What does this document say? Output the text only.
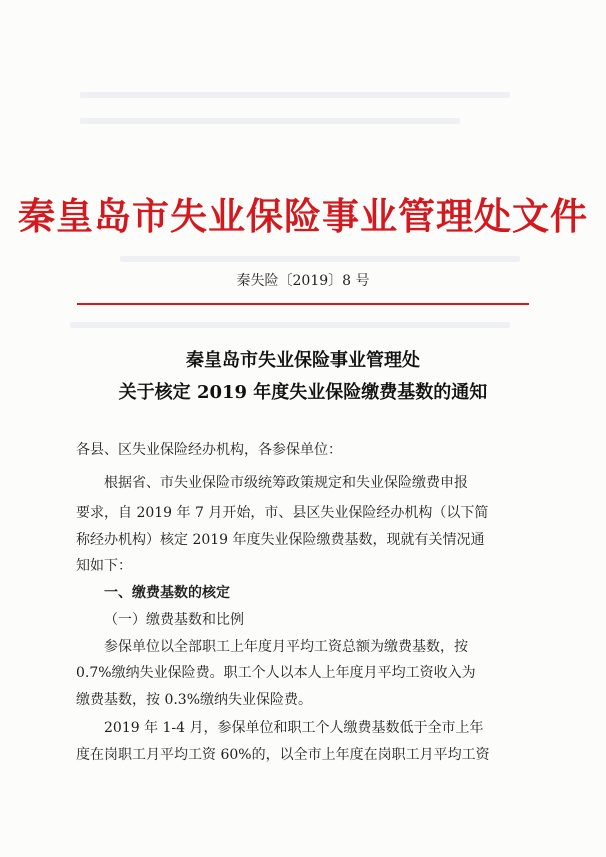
秦皇岛市失业保险事业管理处文件
秦失险〔2019〕8 号
秦皇岛市失业保险事业管理处
关于核定 2019 年度失业保险缴费基数的通知
各县、区失业保险经办机构，各参保单位：
根据省、市失业保险市级统筹政策规定和失业保险缴费申报
要求，自 2019 年 7 月开始，市、县区失业保险经办机构（以下简
称经办机构）核定 2019 年度失业保险缴费基数，现就有关情况通
知如下：
一、缴费基数的核定
（一）缴费基数和比例
参保单位以全部职工上年度月平均工资总额为缴费基数，按
0.7%缴纳失业保险费。职工个人以本人上年度月平均工资收入为
缴费基数，按 0.3%缴纳失业保险费。
2019 年 1-4 月，参保单位和职工个人缴费基数低于全市上年
度在岗职工月平均工资 60%的，以全市上年度在岗职工月平均工资
